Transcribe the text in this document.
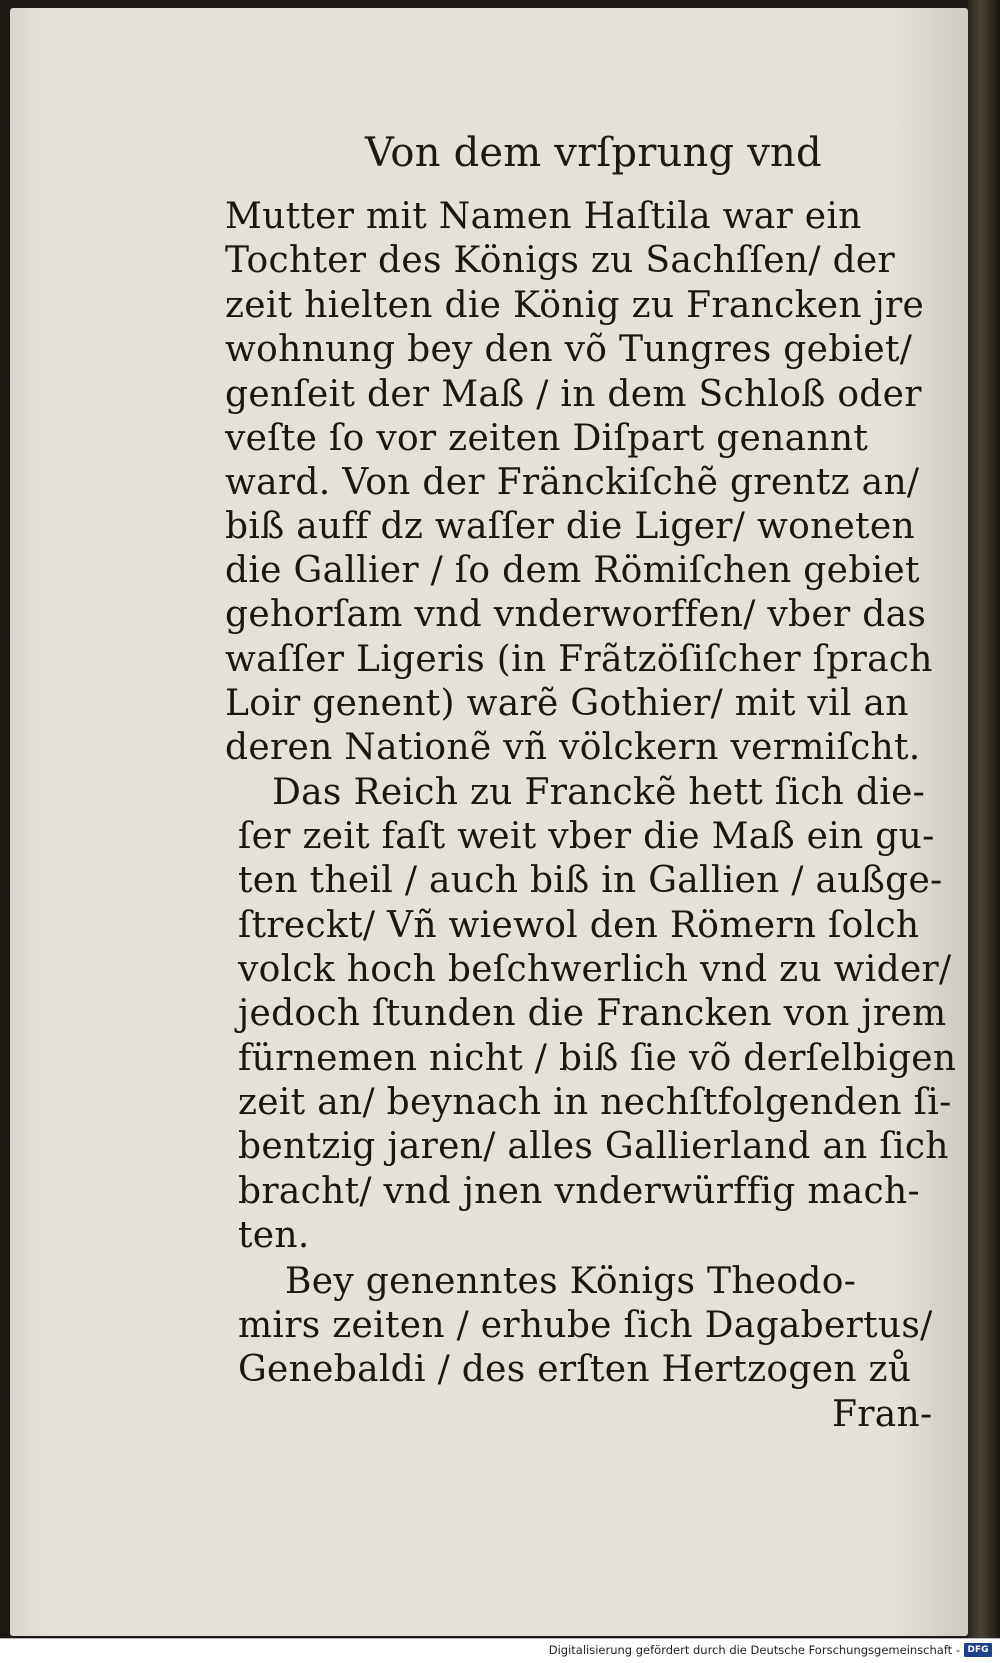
Von dem vrſprung vnd
Mutter mit Namen Haſtila war ein
Tochter des Königs zu Sachſſen/ der
zeit hielten die König zu Francken jre
wohnung bey den võ Tungres gebiet/
genſeit der Maß / in dem Schloß oder
veſte ſo vor zeiten Diſpart genannt
ward. Von der Fränckiſchẽ grentz an/
biß auff dz waſſer die Liger/ woneten
die Gallier / ſo dem Römiſchen gebiet
gehorſam vnd vnderworffen/ vber das
waſſer Ligeris (in Frãtzöſiſcher ſprach
Loir genent) warẽ Gothier/ mit vil an
deren Nationẽ vñ völckern vermiſcht.
Das Reich zu Franckẽ hett ſich die-
ſer zeit faſt weit vber die Maß ein gu-
ten theil / auch biß in Gallien / außge-
ſtreckt/ Vñ wiewol den Römern ſolch
volck hoch beſchwerlich vnd zu wider/
jedoch ſtunden die Francken von jrem
fürnemen nicht / biß ſie võ derſelbigen
zeit an/ beynach in nechſtfolgenden ſi-
bentzig jaren/ alles Gallierland an ſich
bracht/ vnd jnen vnderwürffig mach-
ten.
Bey genenntes Königs Theodo-
mirs zeiten / erhube ſich Dagabertus/
Genebaldi / des erſten Hertzogen zů
Fran-
Digitalisierung gefördert durch die Deutsche Forschungsgemeinschaft - DFG
